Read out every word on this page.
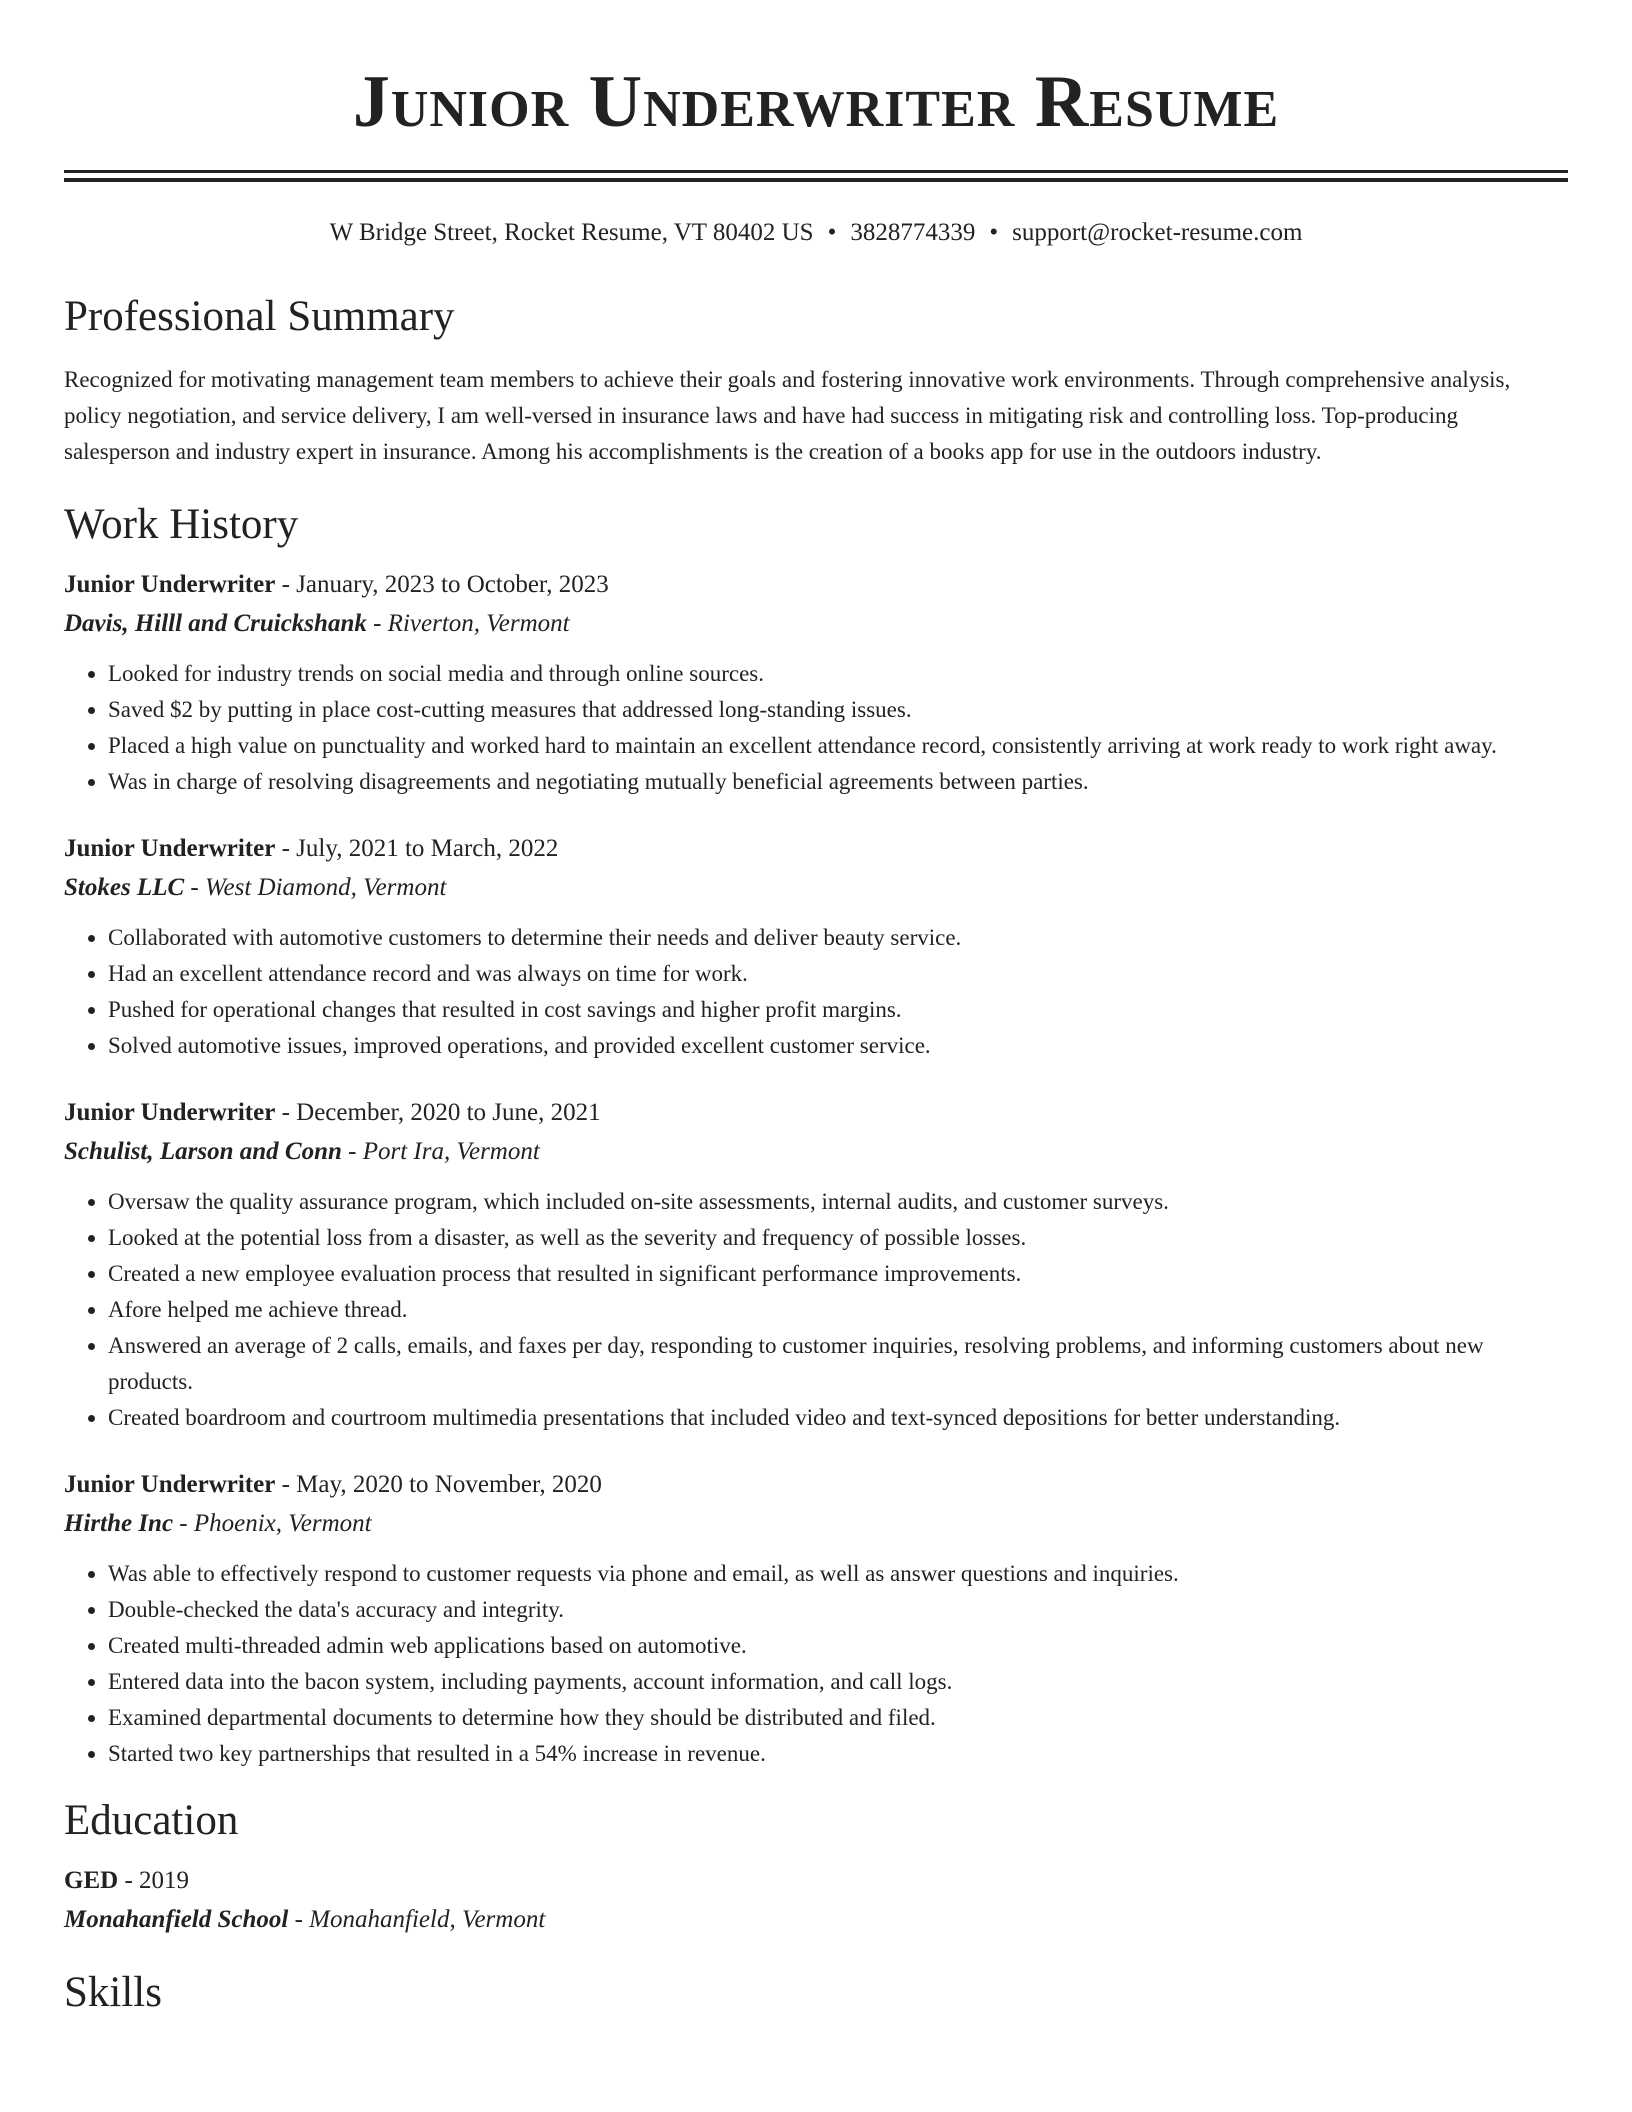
Junior Underwriter Resume
W Bridge Street, Rocket Resume, VT 80402 US • 3828774339 • support@rocket-resume.com
Professional Summary

Recognized for motivating management team members to achieve their goals and fostering innovative work environments. Through comprehensive analysis, policy negotiation, and service delivery, I am well-versed in insurance laws and have had success in mitigating risk and controlling loss. Top-producing salesperson and industry expert in insurance. Among his accomplishments is the creation of a books app for use in the outdoors industry.

Work History
Junior Underwriter - January, 2023 to October, 2023
Davis, Hilll and Cruickshank - Riverton, Vermont
• Looked for industry trends on social media and through online sources.
• Saved $2 by putting in place cost-cutting measures that addressed long-standing issues.
• Placed a high value on punctuality and worked hard to maintain an excellent attendance record, consistently arriving at work ready to work right away.
• Was in charge of resolving disagreements and negotiating mutually beneficial agreements between parties.
Junior Underwriter - July, 2021 to March, 2022
Stokes LLC - West Diamond, Vermont
• Collaborated with automotive customers to determine their needs and deliver beauty service.
• Had an excellent attendance record and was always on time for work.
• Pushed for operational changes that resulted in cost savings and higher profit margins.
• Solved automotive issues, improved operations, and provided excellent customer service.
Junior Underwriter - December, 2020 to June, 2021
Schulist, Larson and Conn - Port Ira, Vermont
• Oversaw the quality assurance program, which included on-site assessments, internal audits, and customer surveys.
• Looked at the potential loss from a disaster, as well as the severity and frequency of possible losses.
• Created a new employee evaluation process that resulted in significant performance improvements.
• Afore helped me achieve thread.
• Answered an average of 2 calls, emails, and faxes per day, responding to customer inquiries, resolving problems, and informing customers about new products.
• Created boardroom and courtroom multimedia presentations that included video and text-synced depositions for better understanding.
Junior Underwriter - May, 2020 to November, 2020
Hirthe Inc - Phoenix, Vermont
• Was able to effectively respond to customer requests via phone and email, as well as answer questions and inquiries.
• Double-checked the data's accuracy and integrity.
• Created multi-threaded admin web applications based on automotive.
• Entered data into the bacon system, including payments, account information, and call logs.
• Examined departmental documents to determine how they should be distributed and filed.
• Started two key partnerships that resulted in a 54% increase in revenue.
Education
GED - 2019
Monahanfield School - Monahanfield, Vermont
Skills
